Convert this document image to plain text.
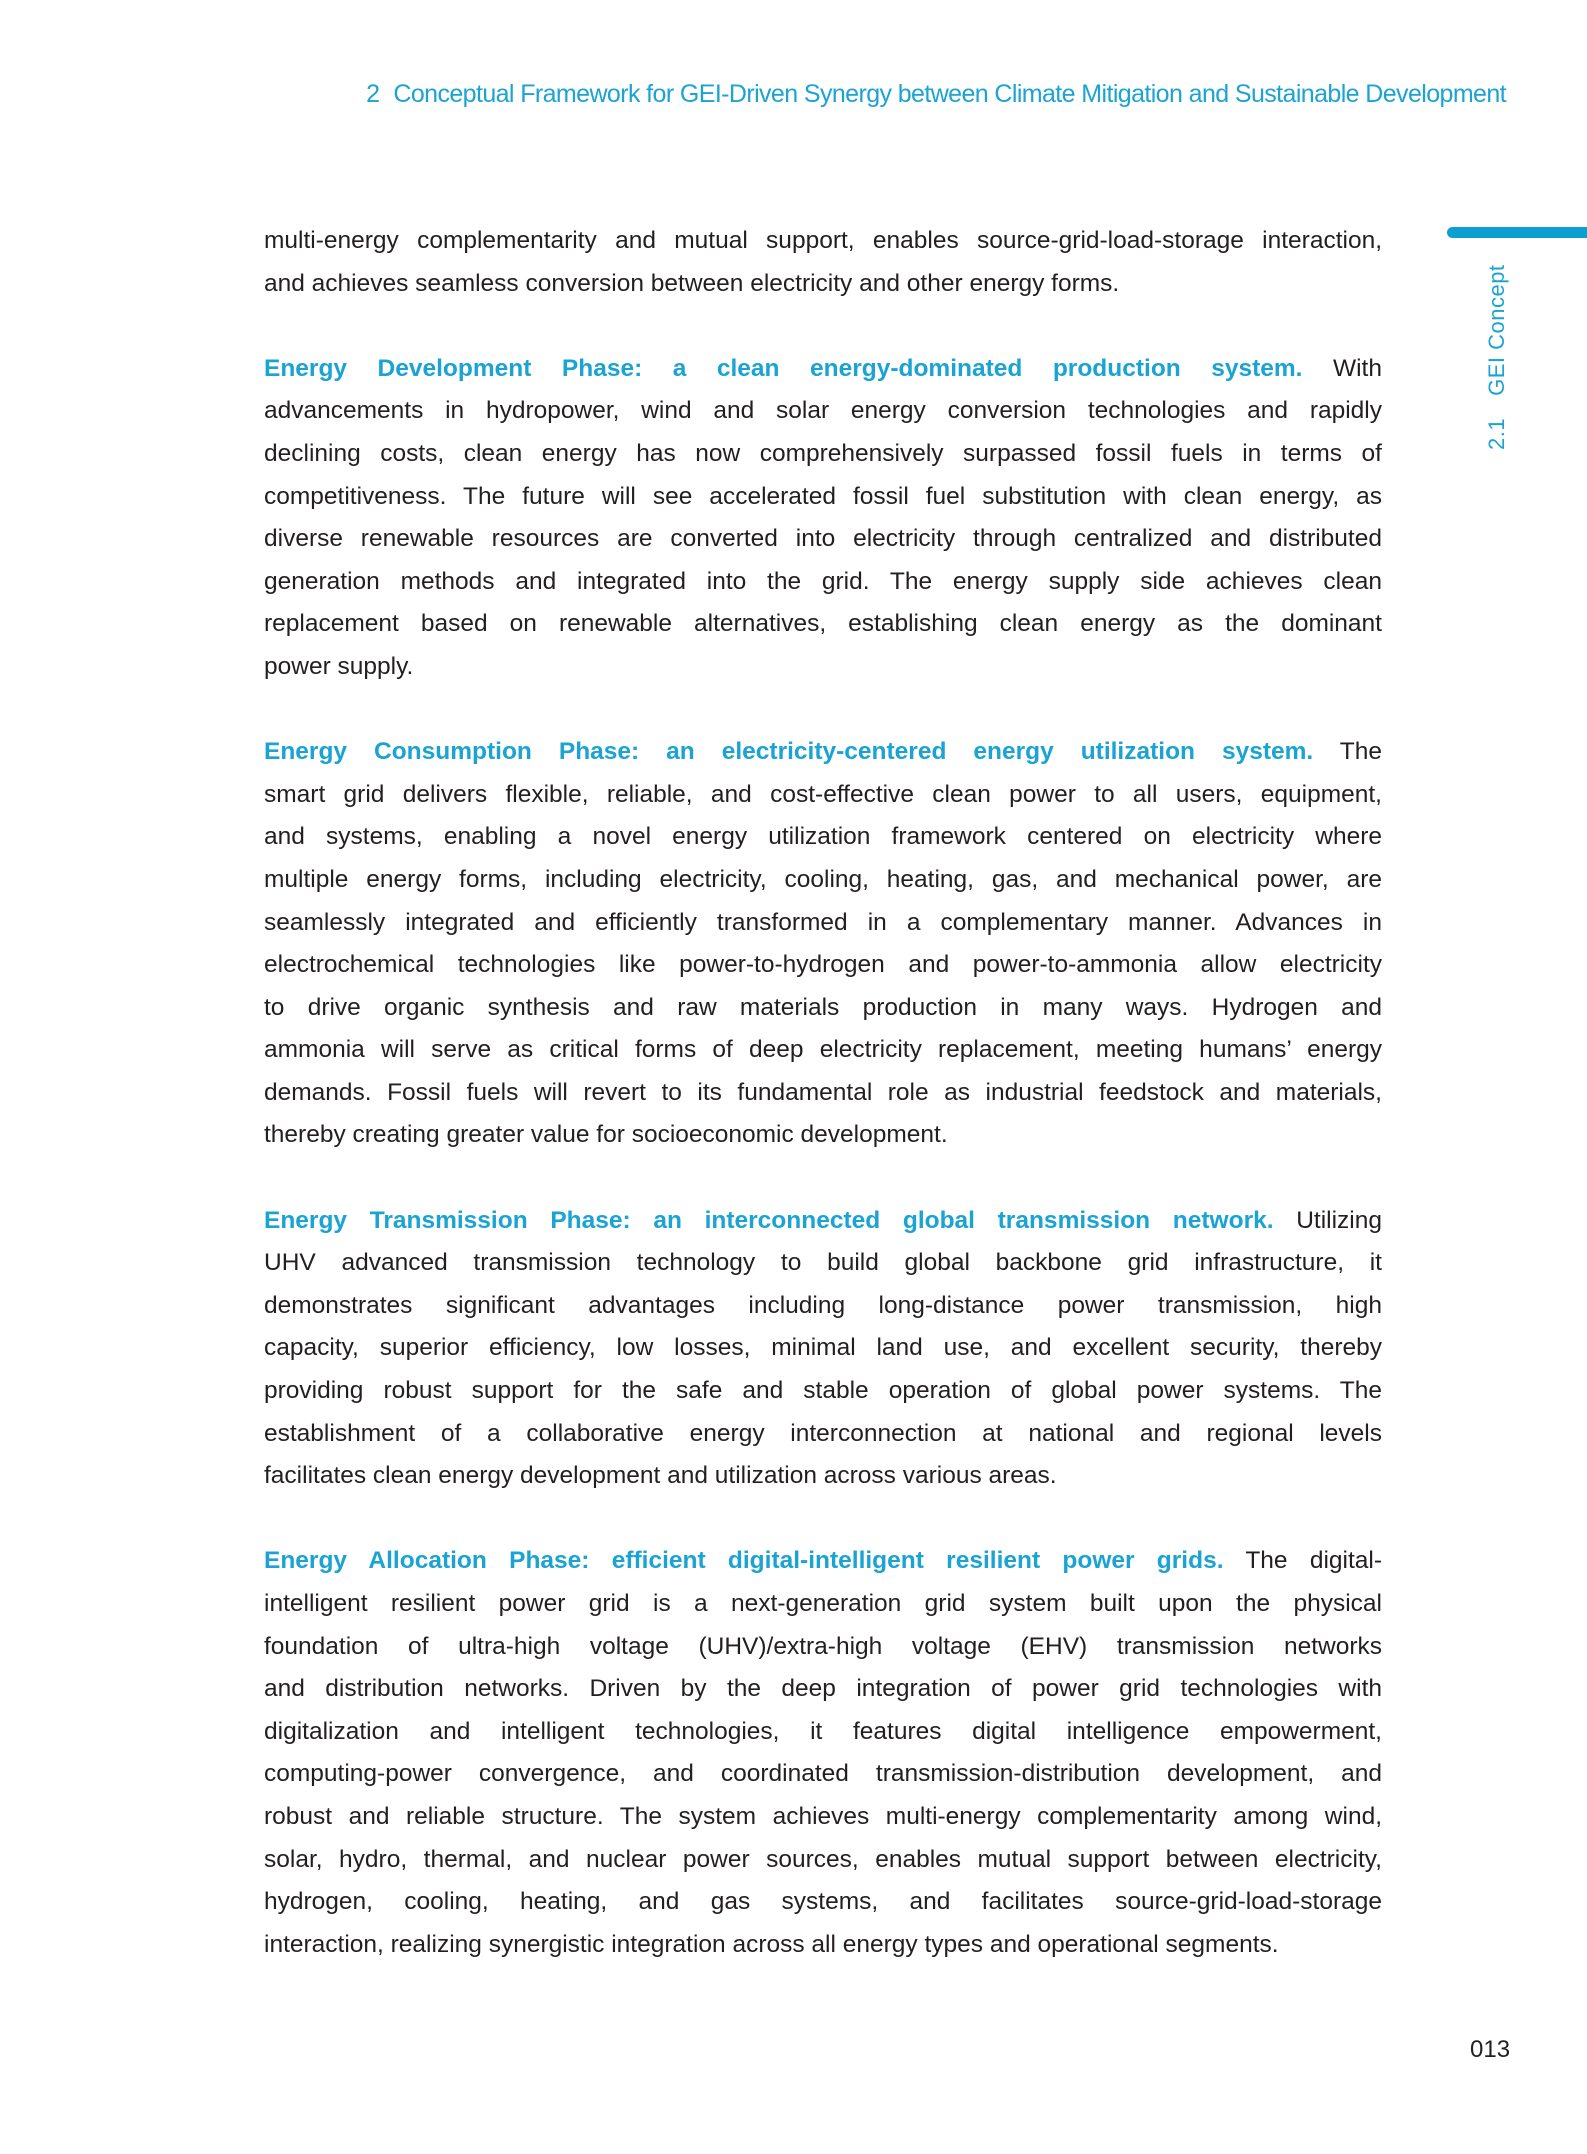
2 Conceptual Framework for GEI-Driven Synergy between Climate Mitigation and Sustainable Development
2.1GEI Concept
multi-energy complementarity and mutual support, enables source-grid-load-storage interaction,
and achieves seamless conversion between electricity and other energy forms.
Energy Development Phase: a clean energy-dominated production system. With
advancements in hydropower, wind and solar energy conversion technologies and rapidly
declining costs, clean energy has now comprehensively surpassed fossil fuels in terms of
competitiveness. The future will see accelerated fossil fuel substitution with clean energy, as
diverse renewable resources are converted into electricity through centralized and distributed
generation methods and integrated into the grid. The energy supply side achieves clean
replacement based on renewable alternatives, establishing clean energy as the dominant
power supply.
Energy Consumption Phase: an electricity-centered energy utilization system. The
smart grid delivers flexible, reliable, and cost-effective clean power to all users, equipment,
and systems, enabling a novel energy utilization framework centered on electricity where
multiple energy forms, including electricity, cooling, heating, gas, and mechanical power, are
seamlessly integrated and efficiently transformed in a complementary manner. Advances in
electrochemical technologies like power-to-hydrogen and power-to-ammonia allow electricity
to drive organic synthesis and raw materials production in many ways. Hydrogen and
ammonia will serve as critical forms of deep electricity replacement, meeting humans’ energy
demands. Fossil fuels will revert to its fundamental role as industrial feedstock and materials,
thereby creating greater value for socioeconomic development.
Energy Transmission Phase: an interconnected global transmission network. Utilizing
UHV advanced transmission technology to build global backbone grid infrastructure, it
demonstrates significant advantages including long-distance power transmission, high
capacity, superior efficiency, low losses, minimal land use, and excellent security, thereby
providing robust support for the safe and stable operation of global power systems. The
establishment of a collaborative energy interconnection at national and regional levels
facilitates clean energy development and utilization across various areas.
Energy Allocation Phase: efficient digital-intelligent resilient power grids. The digital-
intelligent resilient power grid is a next-generation grid system built upon the physical
foundation of ultra-high voltage (UHV)/extra-high voltage (EHV) transmission networks
and distribution networks. Driven by the deep integration of power grid technologies with
digitalization and intelligent technologies, it features digital intelligence empowerment,
computing-power convergence, and coordinated transmission-distribution development, and
robust and reliable structure. The system achieves multi-energy complementarity among wind,
solar, hydro, thermal, and nuclear power sources, enables mutual support between electricity,
hydrogen, cooling, heating, and gas systems, and facilitates source-grid-load-storage
interaction, realizing synergistic integration across all energy types and operational segments.
013
